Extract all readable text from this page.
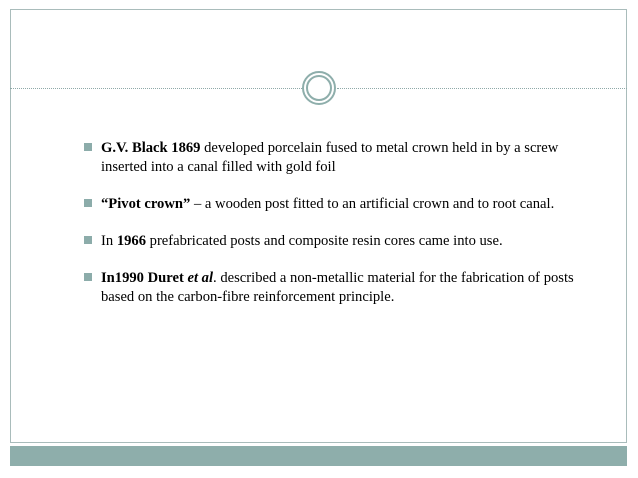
G.V. Black 1869 developed porcelain fused to metal crown held in by a screw inserted into a canal filled with gold foil
“Pivot crown” – a wooden post fitted to an artificial crown and to root canal.
In 1966 prefabricated posts and composite resin cores came into use.
In1990 Duret et al. described a non-metallic material for the fabrication of posts based on the carbon-fibre reinforcement principle.
